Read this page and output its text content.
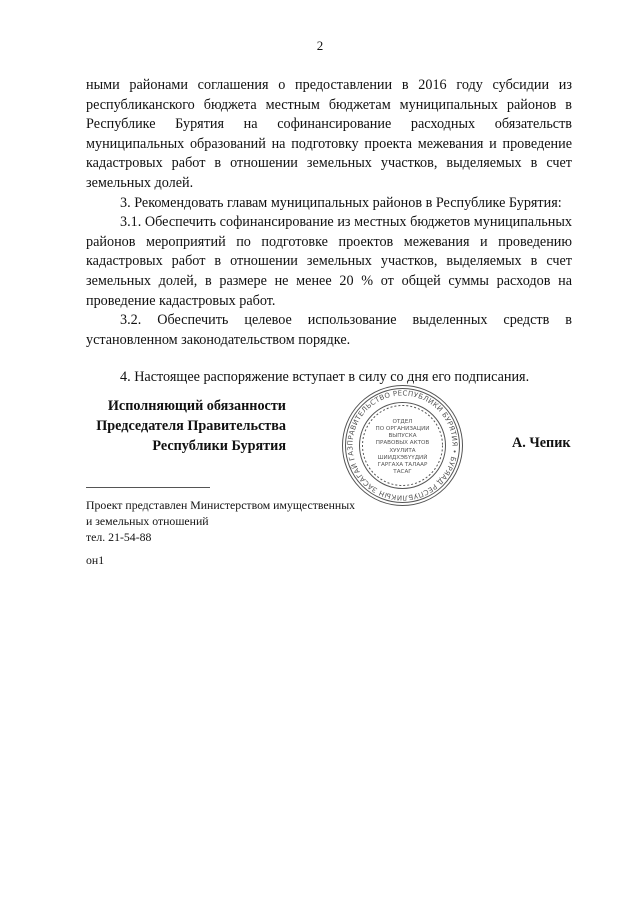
2

ными районами соглашения о предоставлении в 2016 году субсидии из республиканского бюджета местным бюджетам муниципальных районов в Республике Бурятия на софинансирование расходных обязательств муниципальных образований на подготовку проекта межевания и проведение кадастровых работ в отношении земельных участков, выделяемых в счет земельных долей.

3. Рекомендовать главам муниципальных районов в Республике Бурятия:

3.1. Обеспечить софинансирование из местных бюджетов муниципальных районов мероприятий по подготовке проектов межевания и проведению кадастровых работ в отношении земельных участков, выделяемых в счет земельных долей, в размере не менее 20 % от общей суммы расходов на проведение кадастровых работ.

3.2. Обеспечить целевое использование выделенных средств в установленном законодательством порядке.

4. Настоящее распоряжение вступает в силу со дня его подписания.

Исполняющий обязанности
Председателя Правительства
Республики Бурятия	ПРАВИТЕЛЬСТВО РЕСПУБЛИКИ БУРЯТИЯ • БУРЯАД РЕСПУБЛИКЫН ЗАСАГАЙ ГАЗ
ОТДЕЛ
ПО ОРГАНИЗАЦИИ
ВЫПУСКА
ПРАВОВЫХ АКТОВ
ХУУЛИТА
ШИИДХЭБҮҮДИЙ
ГАРГАХА ТАЛААР
ТАСАГ
А. Чепик
Проект представлен Министерством имущественных
и земельных отношений
тел. 21-54-88
он1
